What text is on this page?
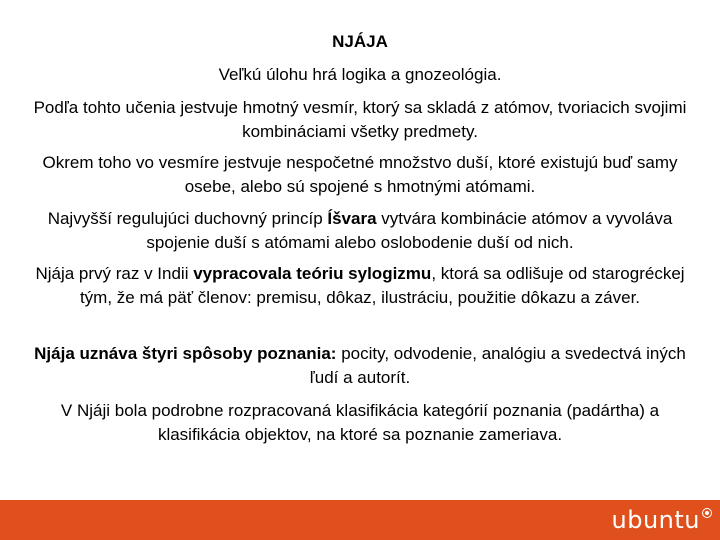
NJÁJA

Veľkú úlohu hrá logika a gnozeológia.

Podľa tohto učenia jestvuje hmotný vesmír, ktorý sa skladá z atómov, tvoriacich svojimi kombináciami všetky predmety.

Okrem toho vo vesmíre jestvuje nespočetné množstvo duší, ktoré existujú buď samy osebe, alebo sú spojené s hmotnými atómami.

Najvyšší regulujúci duchovný princíp Íšvara vytvára kombinácie atómov a vyvoláva spojenie duší s atómami alebo oslobodenie duší od nich.

Njája prvý raz v Indii vypracovala teóriu sylogizmu, ktorá sa odlišuje od starogréckej tým, že má päť členov: premisu, dôkaz, ilustráciu, použitie dôkazu a záver.

Njája uznáva štyri spôsoby poznania: pocity, odvodenie, analógiu a svedectvá iných ľudí a autorít.

V Njáji bola podrobne rozpracovaná klasifikácia kategórií poznania (padártha) a klasifikácia objektov, na ktoré sa poznanie zameriava.

ubuntu
